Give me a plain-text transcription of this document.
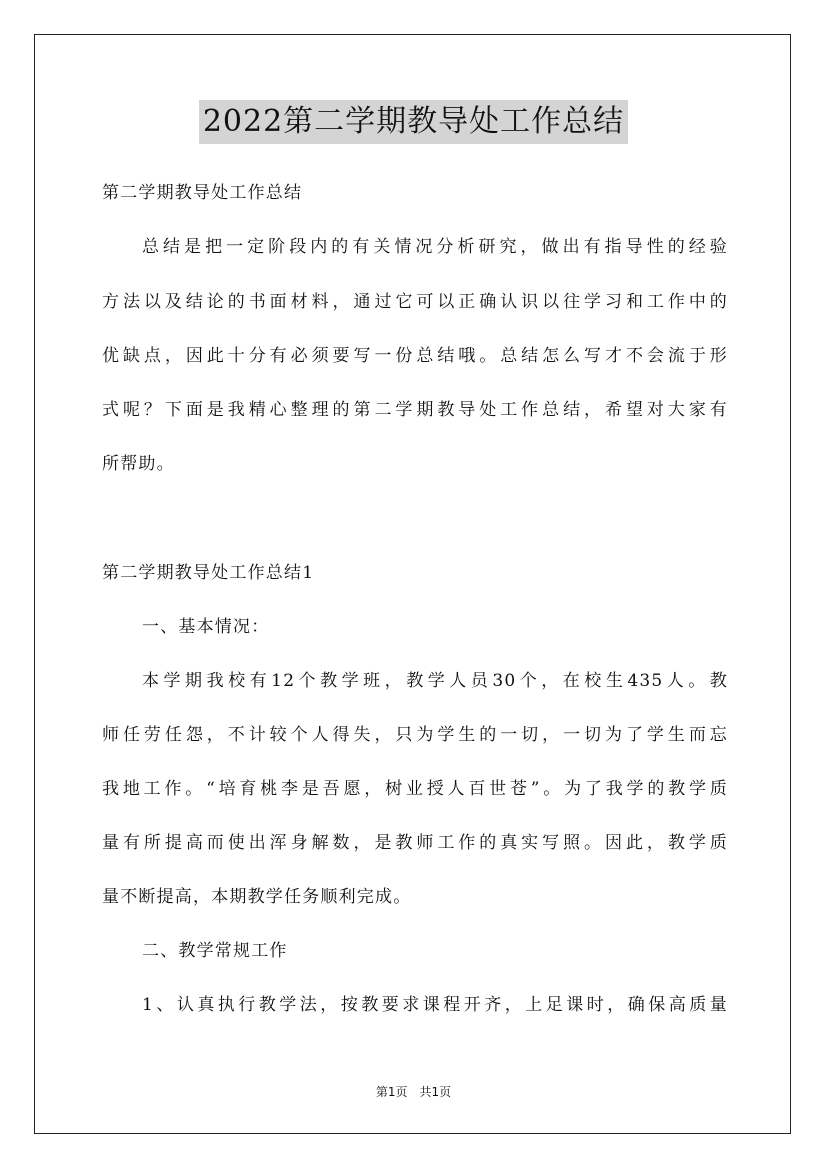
2022第二学期教导处工作总结
第二学期教导处工作总结
总结是把一定阶段内的有关情况分析研究，做出有指导性的经验
方法以及结论的书面材料，通过它可以正确认识以往学习和工作中的
优缺点，因此十分有必须要写一份总结哦。总结怎么写才不会流于形
式呢？下面是我精心整理的第二学期教导处工作总结，希望对大家有
所帮助。
第二学期教导处工作总结1
一、基本情况：
本学期我校有12个教学班，教学人员30个，在校生435人。教
师任劳任怨，不计较个人得失，只为学生的一切，一切为了学生而忘
我地工作。“培育桃李是吾愿，树业授人百世苍”。为了我学的教学质
量有所提高而使出浑身解数，是教师工作的真实写照。因此，教学质
量不断提高，本期教学任务顺利完成。
二、教学常规工作
1、认真执行教学法，按教要求课程开齐，上足课时，确保高质量
第1页　共1页
